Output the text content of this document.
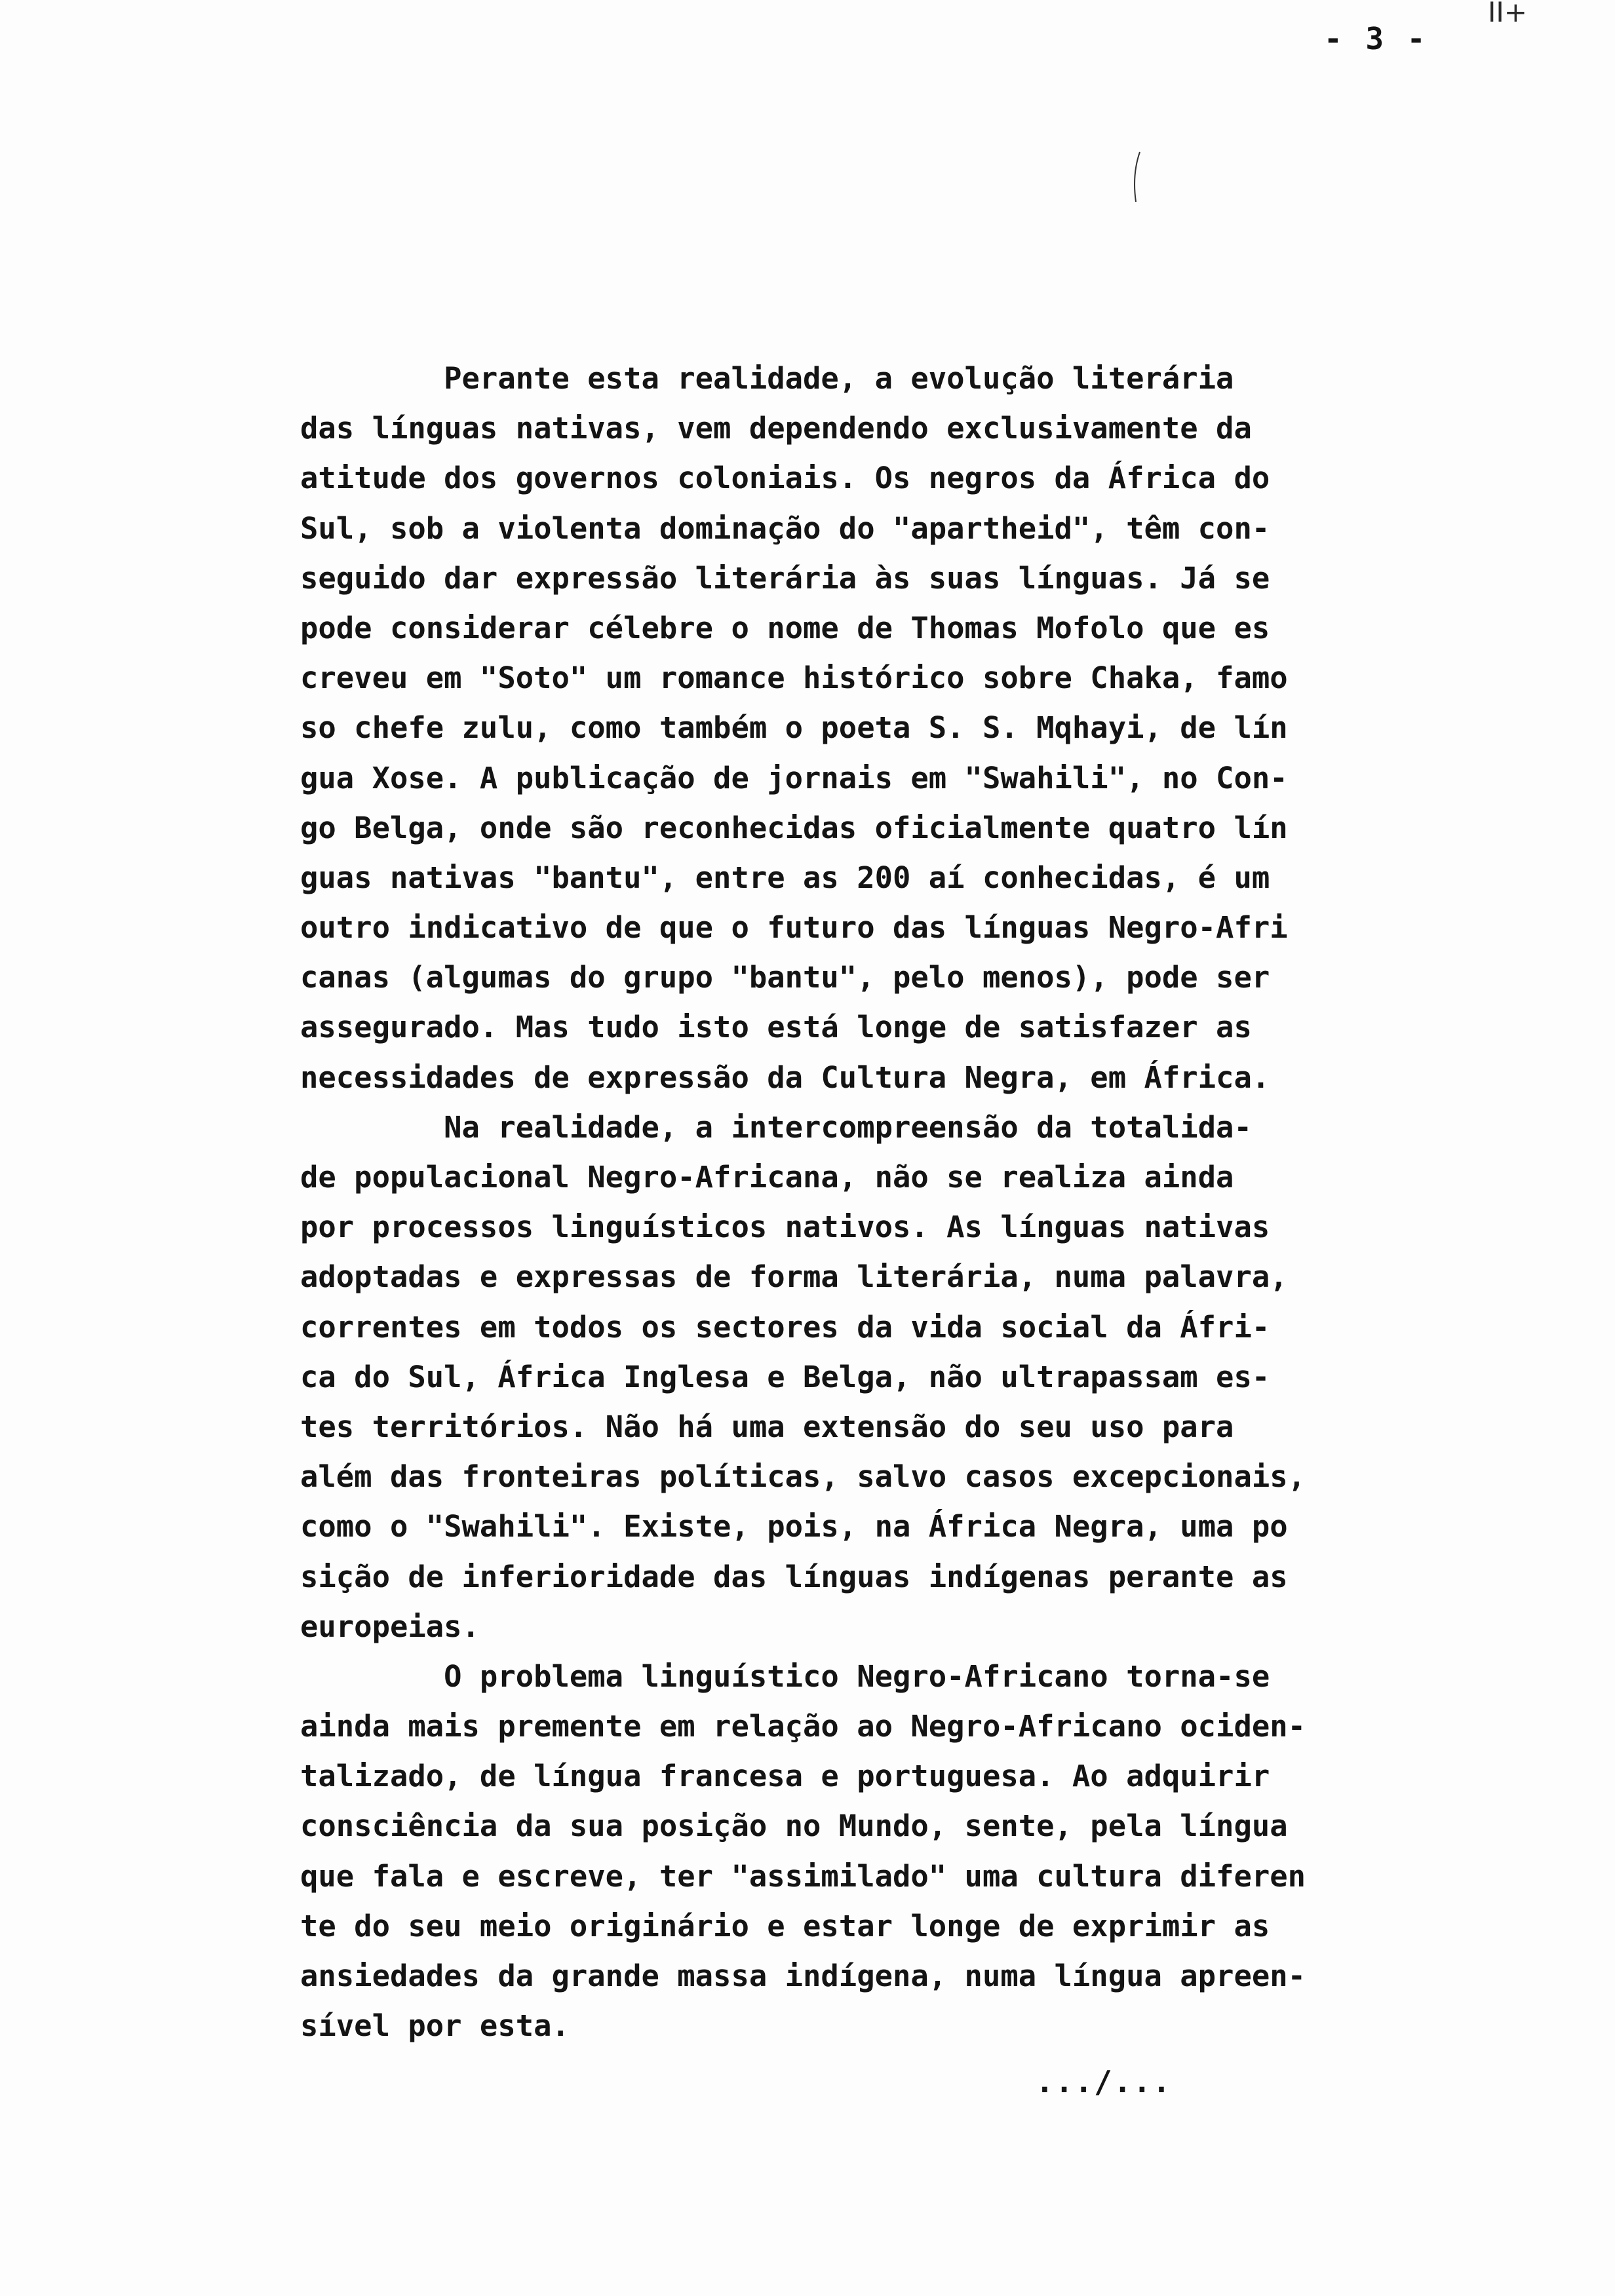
II+
- 3 -
Perante esta realidade, a evolução literária
das línguas nativas, vem dependendo exclusivamente da
atitude dos governos coloniais. Os negros da África do
Sul, sob a violenta dominação do "apartheid", têm con-
seguido dar expressão literária às suas línguas. Já se
pode considerar célebre o nome de Thomas Mofolo que es
creveu em "Soto" um romance histórico sobre Chaka, famo
so chefe zulu, como também o poeta S. S. Mqhayi, de lín
gua Xose. A publicação de jornais em "Swahili", no Con-
go Belga, onde são reconhecidas oficialmente quatro lín
guas nativas "bantu", entre as 200 aí conhecidas, é um
outro indicativo de que o futuro das línguas Negro-Afri
canas (algumas do grupo "bantu", pelo menos), pode ser
assegurado. Mas tudo isto está longe de satisfazer as
necessidades de expressão da Cultura Negra, em África.
Na realidade, a intercompreensão da totalida-
de populacional Negro-Africana, não se realiza ainda
por processos linguísticos nativos. As línguas nativas
adoptadas e expressas de forma literária, numa palavra,
correntes em todos os sectores da vida social da Áfri-
ca do Sul, África Inglesa e Belga, não ultrapassam es-
tes territórios. Não há uma extensão do seu uso para
além das fronteiras políticas, salvo casos excepcionais,
como o "Swahili". Existe, pois, na África Negra, uma po
sição de inferioridade das línguas indígenas perante as
europeias.
O problema linguístico Negro-Africano torna-se
ainda mais premente em relação ao Negro-Africano ociden-
talizado, de língua francesa e portuguesa. Ao adquirir
consciência da sua posição no Mundo, sente, pela língua
que fala e escreve, ter "assimilado" uma cultura diferen
te do seu meio originário e estar longe de exprimir as
ansiedades da grande massa indígena, numa língua apreen-
sível por esta.
.../...
